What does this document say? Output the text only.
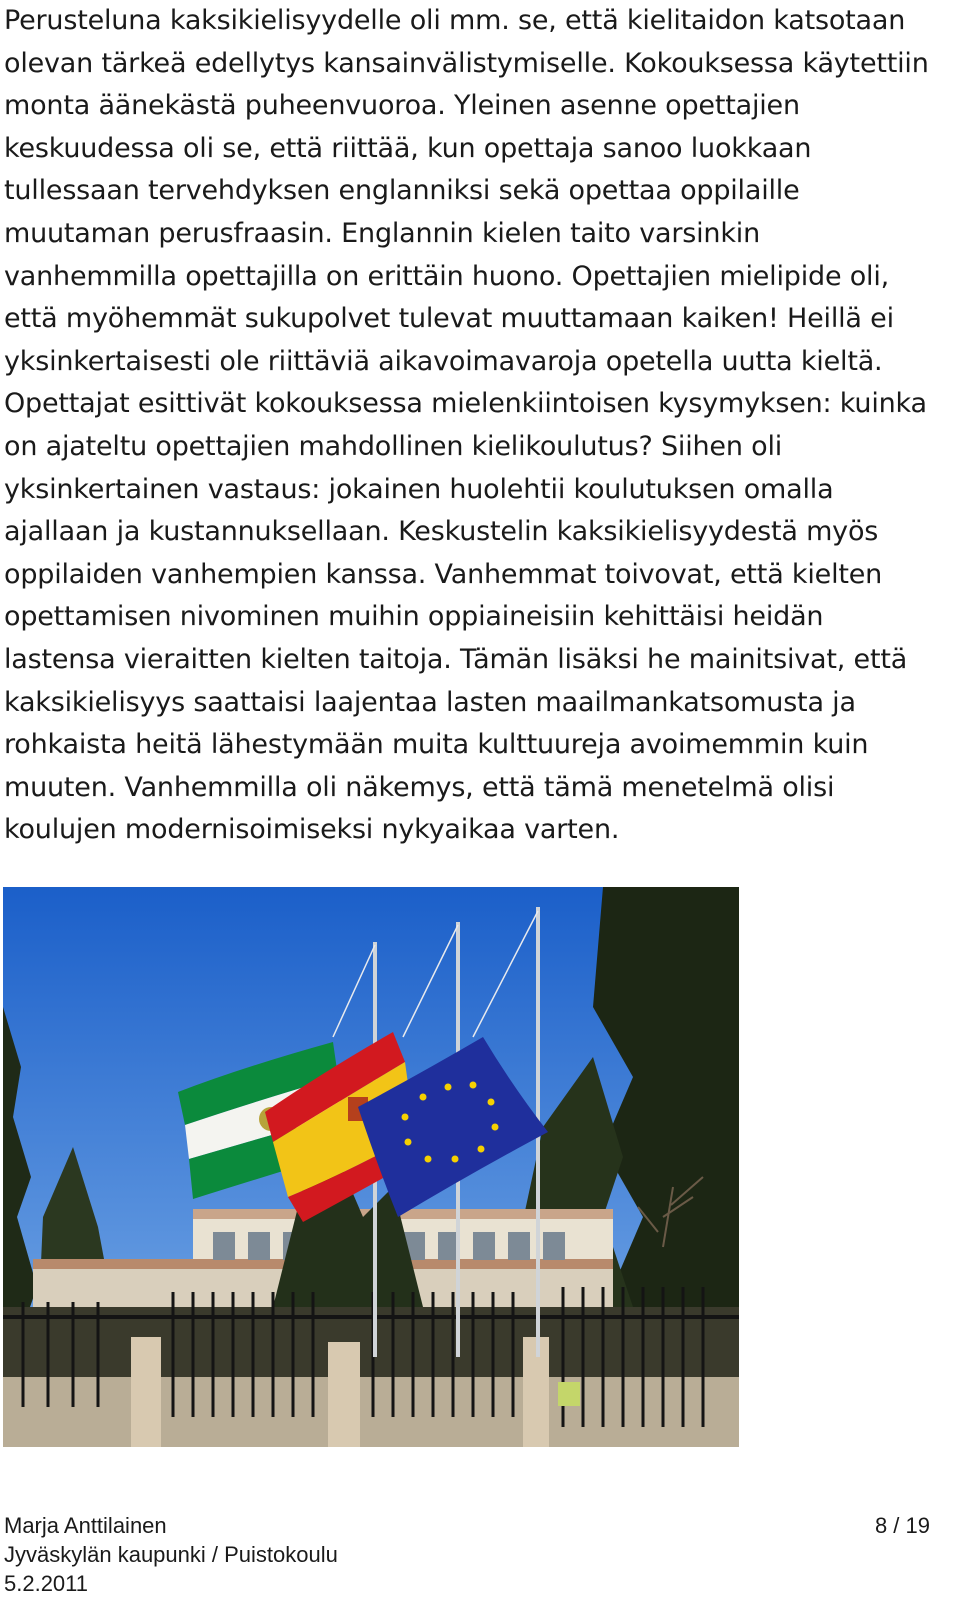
Perusteluna kaksikielisyydelle oli mm. se, että kielitaidon katsotaan
olevan tärkeä edellytys kansainvälistymiselle. Kokouksessa käytettiin
monta äänekästä puheenvuoroa. Yleinen asenne opettajien
keskuudessa oli se, että riittää, kun opettaja sanoo luokkaan
tullessaan tervehdyksen englanniksi sekä opettaa oppilaille
muutaman perusfraasin. Englannin kielen taito varsinkin
vanhemmilla opettajilla on erittäin huono. Opettajien mielipide oli,
että myöhemmät sukupolvet tulevat muuttamaan kaiken! Heillä ei
yksinkertaisesti ole riittäviä aikavoimavaroja opetella uutta kieltä.
Opettajat esittivät kokouksessa mielenkiintoisen kysymyksen: kuinka
on ajateltu opettajien mahdollinen kielikoulutus? Siihen oli
yksinkertainen vastaus: jokainen huolehtii koulutuksen omalla
ajallaan ja kustannuksellaan. Keskustelin kaksikielisyydestä myös
oppilaiden vanhempien kanssa. Vanhemmat toivovat, että kielten
opettamisen nivominen muihin oppiaineisiin kehittäisi heidän
lastensa vieraitten kielten taitoja. Tämän lisäksi he mainitsivat, että
kaksikielisyys saattaisi laajentaa lasten maailmankatsomusta ja
rohkaista heitä lähestymään muita kulttuureja avoimemmin kuin
muuten. Vanhemmilla oli näkemys, että tämä menetelmä olisi
koulujen modernisoimiseksi nykyaikaa varten.
Marja Anttilainen
Jyväskylän kaupunki / Puistokoulu
5.2.2011
8 / 19
